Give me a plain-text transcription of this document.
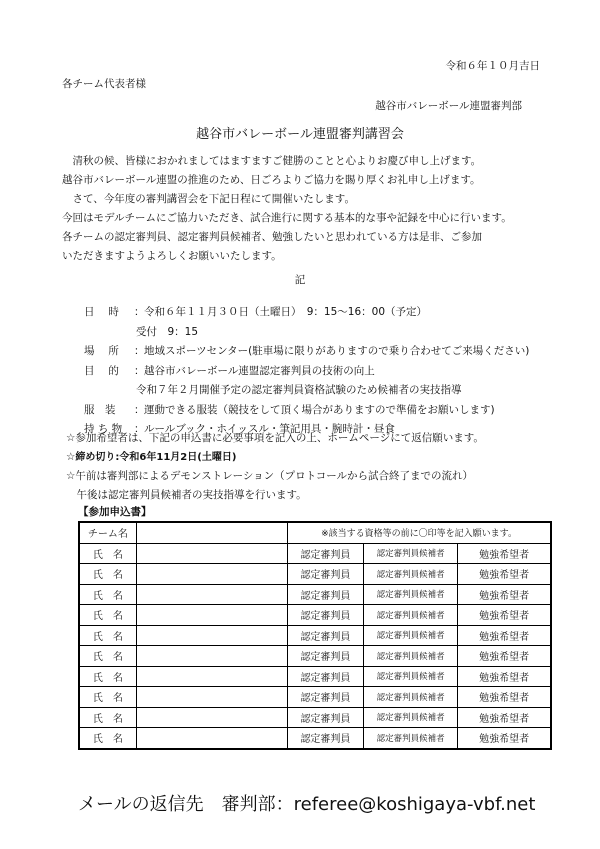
令和６年１０月吉日
各チーム代表者様
越谷市バレーボール連盟審判部
越谷市バレーボール連盟審判講習会
　清秋の候、皆様におかれましてはますますご健勝のことと心よりお慶び申し上げます。
越谷市バレーボール連盟の推進のため、日ごろよりご協力を賜り厚くお礼申し上げます。
　さて、今年度の審判講習会を下記日程にて開催いたします。
今回はモデルチームにご協力いただき、試合進行に関する基本的な事や記録を中心に行います。
各チームの認定審判員、認定審判員候補者、勉強したいと思われている方は是非、ご参加
いただきますようよろしくお願いいたします。
記
日　 時	： 令和６年１１月３０日（土曜日）　9：15〜16：00（予定）
受付　9：15
場　 所	： 地域スポーツセンター(駐車場に限りがありますので乗り合わせてご来場ください)
目　 的	： 越谷市バレーボール連盟認定審判員の技術の向上
令和７年２月開催予定の認定審判員資格試験のため候補者の実技指導
服　装	： 運動できる服装（競技をして頂く場合がありますので準備をお願いします)
持 ち 物	： ルールブック・ホイッスル・筆記用具・腕時計・昼食
☆参加希望者は、下記の申込書に必要事項を記入の上、ホームページにて返信願います。
☆締め切り:令和6年11月2日(土曜日)
☆午前は審判部によるデモンストレーション（プロトコールから試合終了までの流れ）
　午後は認定審判員候補者の実技指導を行います。
【参加申込書】
チーム名		※該当する資格等の前に〇印等を記入願います。		
氏　名		認定審判員	認定審判員候補者	勉強希望者
氏　名		認定審判員	認定審判員候補者	勉強希望者
氏　名		認定審判員	認定審判員候補者	勉強希望者
氏　名		認定審判員	認定審判員候補者	勉強希望者
氏　名		認定審判員	認定審判員候補者	勉強希望者
氏　名		認定審判員	認定審判員候補者	勉強希望者
氏　名		認定審判員	認定審判員候補者	勉強希望者
氏　名		認定審判員	認定審判員候補者	勉強希望者
氏　名		認定審判員	認定審判員候補者	勉強希望者
氏　名		認定審判員	認定審判員候補者	勉強希望者
メールの返信先　審判部：referee@koshigaya-vbf.net
